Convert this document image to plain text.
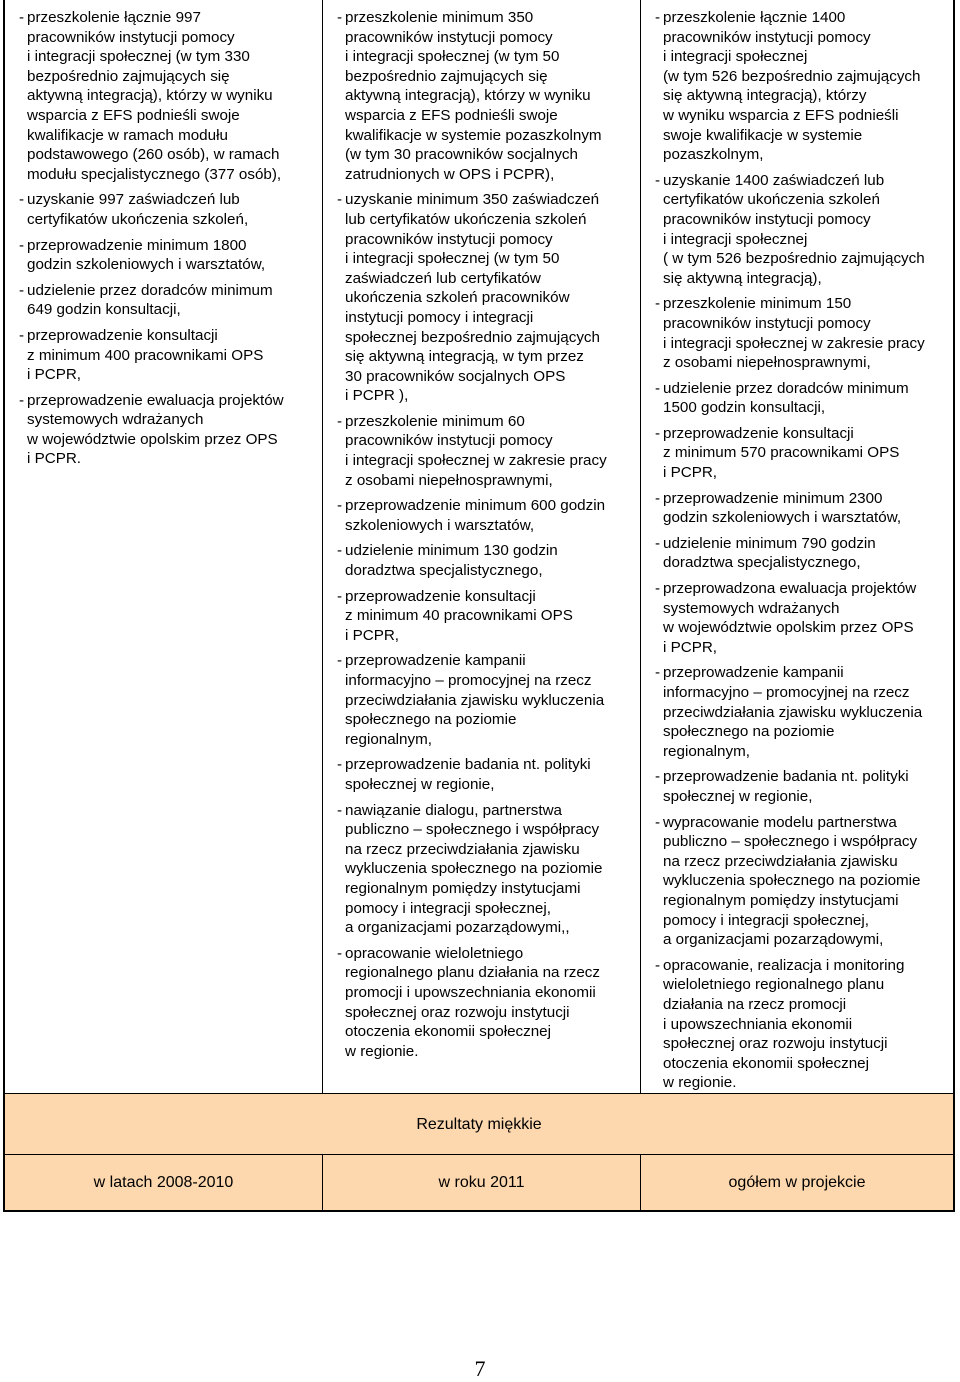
- przeszkolenie łącznie 997
pracowników instytucji pomocy
i integracji społecznej (w tym 330
bezpośrednio zajmujących się
aktywną integracją), którzy w wyniku
wsparcia z EFS podnieśli swoje
kwalifikacje w ramach modułu
podstawowego (260 osób), w ramach
modułu specjalistycznego (377 osób),
- uzyskanie 997 zaświadczeń lub
certyfikatów ukończenia szkoleń,
- przeprowadzenie minimum 1800
godzin szkoleniowych i warsztatów,
- udzielenie przez doradców minimum
649 godzin konsultacji,
- przeprowadzenie konsultacji
z minimum 400 pracownikami OPS
i PCPR,
- przeprowadzenie ewaluacja projektów
systemowych wdrażanych
w województwie opolskim przez OPS
i PCPR.
- przeszkolenie minimum 350
pracowników instytucji pomocy
i integracji społecznej (w tym 50
bezpośrednio zajmujących się
aktywną integracją), którzy w wyniku
wsparcia z EFS podnieśli swoje
kwalifikacje w systemie pozaszkolnym
(w tym 30 pracowników socjalnych
zatrudnionych w OPS i PCPR),
- uzyskanie minimum 350 zaświadczeń
lub certyfikatów ukończenia szkoleń
pracowników instytucji pomocy
i integracji społecznej (w tym 50
zaświadczeń lub certyfikatów
ukończenia szkoleń pracowników
instytucji pomocy i integracji
społecznej bezpośrednio zajmujących
się aktywną integracją, w tym przez
30 pracowników socjalnych OPS
i PCPR ),
- przeszkolenie minimum 60
pracowników instytucji pomocy
i integracji społecznej w zakresie pracy
z osobami niepełnosprawnymi,
- przeprowadzenie minimum 600 godzin
szkoleniowych i warsztatów,
- udzielenie minimum 130 godzin
doradztwa specjalistycznego,
- przeprowadzenie konsultacji
z minimum 40 pracownikami OPS
i PCPR,
- przeprowadzenie kampanii
informacyjno – promocyjnej na rzecz
przeciwdziałania zjawisku wykluczenia
społecznego na poziomie
regionalnym,
- przeprowadzenie badania nt. polityki
społecznej w regionie,
- nawiązanie dialogu, partnerstwa
publiczno – społecznego i współpracy
na rzecz przeciwdziałania zjawisku
wykluczenia społecznego na poziomie
regionalnym pomiędzy instytucjami
pomocy i integracji społecznej,
a organizacjami pozarządowymi,,
- opracowanie wieloletniego
regionalnego planu działania na rzecz
promocji i upowszechniania ekonomii
społecznej oraz rozwoju instytucji
otoczenia ekonomii społecznej
w regionie.
- przeszkolenie łącznie 1400
pracowników instytucji pomocy
i integracji społecznej
(w tym 526 bezpośrednio zajmujących
się aktywną integracją), którzy
w wyniku wsparcia z EFS podnieśli
swoje kwalifikacje w systemie
pozaszkolnym,
- uzyskanie 1400 zaświadczeń lub
certyfikatów ukończenia szkoleń
pracowników instytucji pomocy
i integracji społecznej
( w tym 526 bezpośrednio zajmujących
się aktywną integracją),
- przeszkolenie minimum 150
pracowników instytucji pomocy
i integracji społecznej w zakresie pracy
z osobami niepełnosprawnymi,
- udzielenie przez doradców minimum
1500 godzin konsultacji,
- przeprowadzenie konsultacji
z minimum 570 pracownikami OPS
i PCPR,
- przeprowadzenie minimum 2300
godzin szkoleniowych i warsztatów,
- udzielenie minimum 790 godzin
doradztwa specjalistycznego,
- przeprowadzona ewaluacja projektów
systemowych wdrażanych
w województwie opolskim przez OPS
i PCPR,
- przeprowadzenie kampanii
informacyjno – promocyjnej na rzecz
przeciwdziałania zjawisku wykluczenia
społecznego na poziomie
regionalnym,
- przeprowadzenie badania nt. polityki
społecznej w regionie,
- wypracowanie modelu partnerstwa
publiczno – społecznego i współpracy
na rzecz przeciwdziałania zjawisku
wykluczenia społecznego na poziomie
regionalnym pomiędzy instytucjami
pomocy i integracji społecznej,
a organizacjami pozarządowymi,
- opracowanie, realizacja i monitoring
wieloletniego regionalnego planu
działania na rzecz promocji
i upowszechniania ekonomii
społecznej oraz rozwoju instytucji
otoczenia ekonomii społecznej
w regionie.
Rezultaty miękkie
w latach 2008-2010	w roku 2011	ogółem w projekcie
7
